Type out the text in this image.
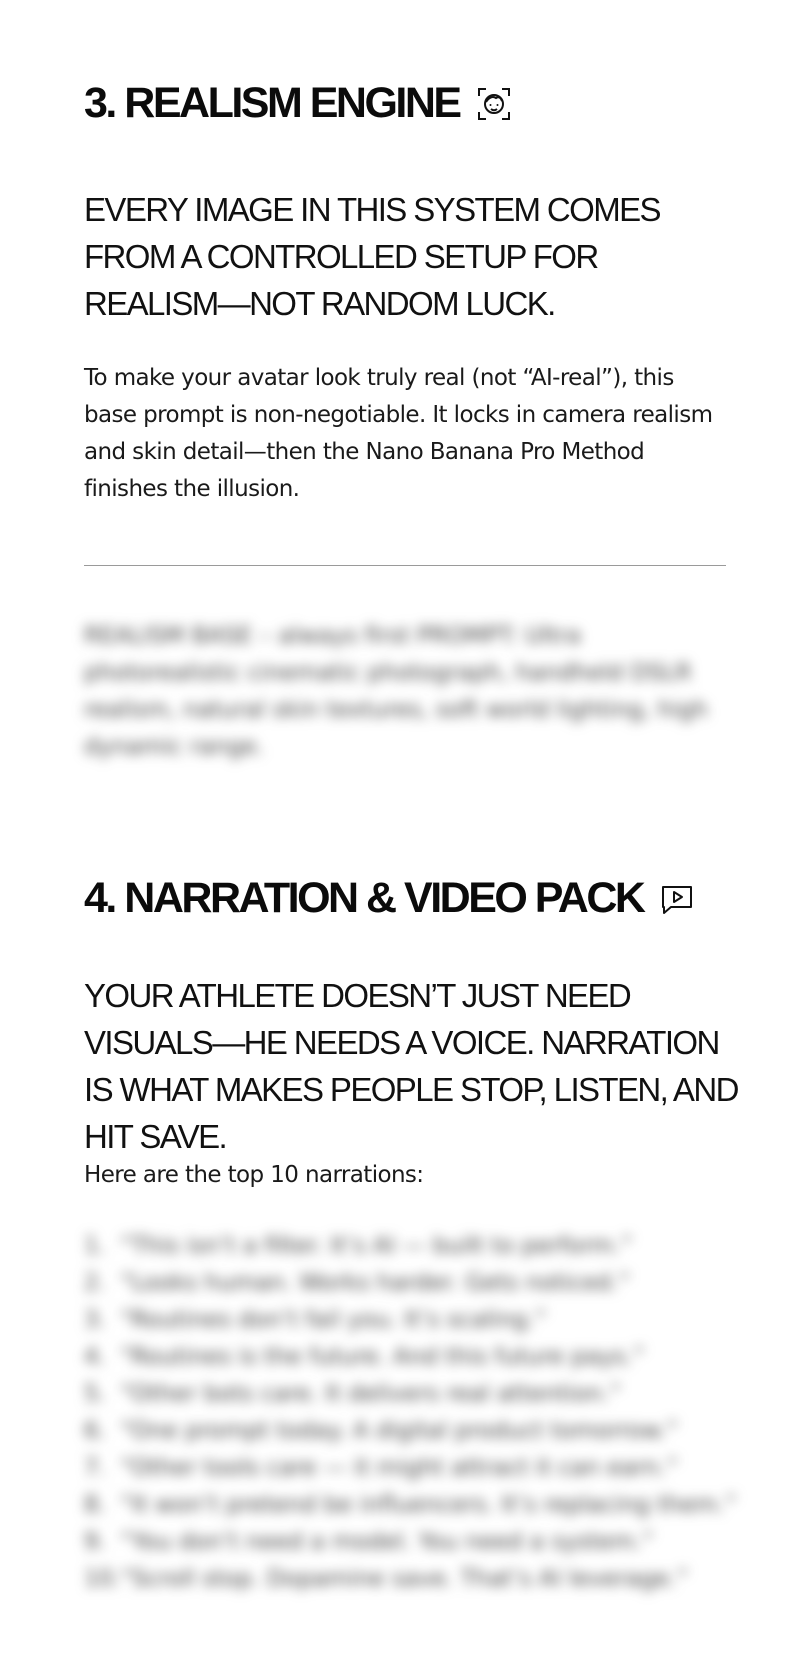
3. REALISM ENGINE

EVERY IMAGE IN THIS SYSTEM COMES FROM A CONTROLLED SETUP FOR REALISM—NOT RANDOM LUCK.

To make your avatar look truly real (not “AI-real”), this base prompt is non-negotiable. It locks in camera realism and skin detail—then the Nano Banana Pro Method finishes the illusion.

REALISM BASE – always first PROMPT: Ultra photorealistic cinematic photograph, handheld DSLR realism, natural skin textures, soft world lighting, high dynamic range.

4. NARRATION & VIDEO PACK

YOUR ATHLETE DOESN’T JUST NEED VISUALS—HE NEEDS A VOICE. NARRATION IS WHAT MAKES PEOPLE STOP, LISTEN, AND HIT SAVE.

Here are the top 10 narrations:

1. “This isn’t a filter. It’s AI — built to perform.”
2. “Looks human. Works harder. Gets noticed.”
3. “Routines don’t fail you. It’s scaling.”
4. “Routines is the future. And this future pays.”
5. “Other bots care. It delivers real attention.”
6. “One prompt today. A digital product tomorrow.”
7. “Other tools care — it might attract it can earn.”
8. “It won’t pretend be influencers. It’s replacing them.”
9. “You don’t need a model. You need a system.”
10.“Scroll stop. Dopamine save. That’s AI leverage.”
